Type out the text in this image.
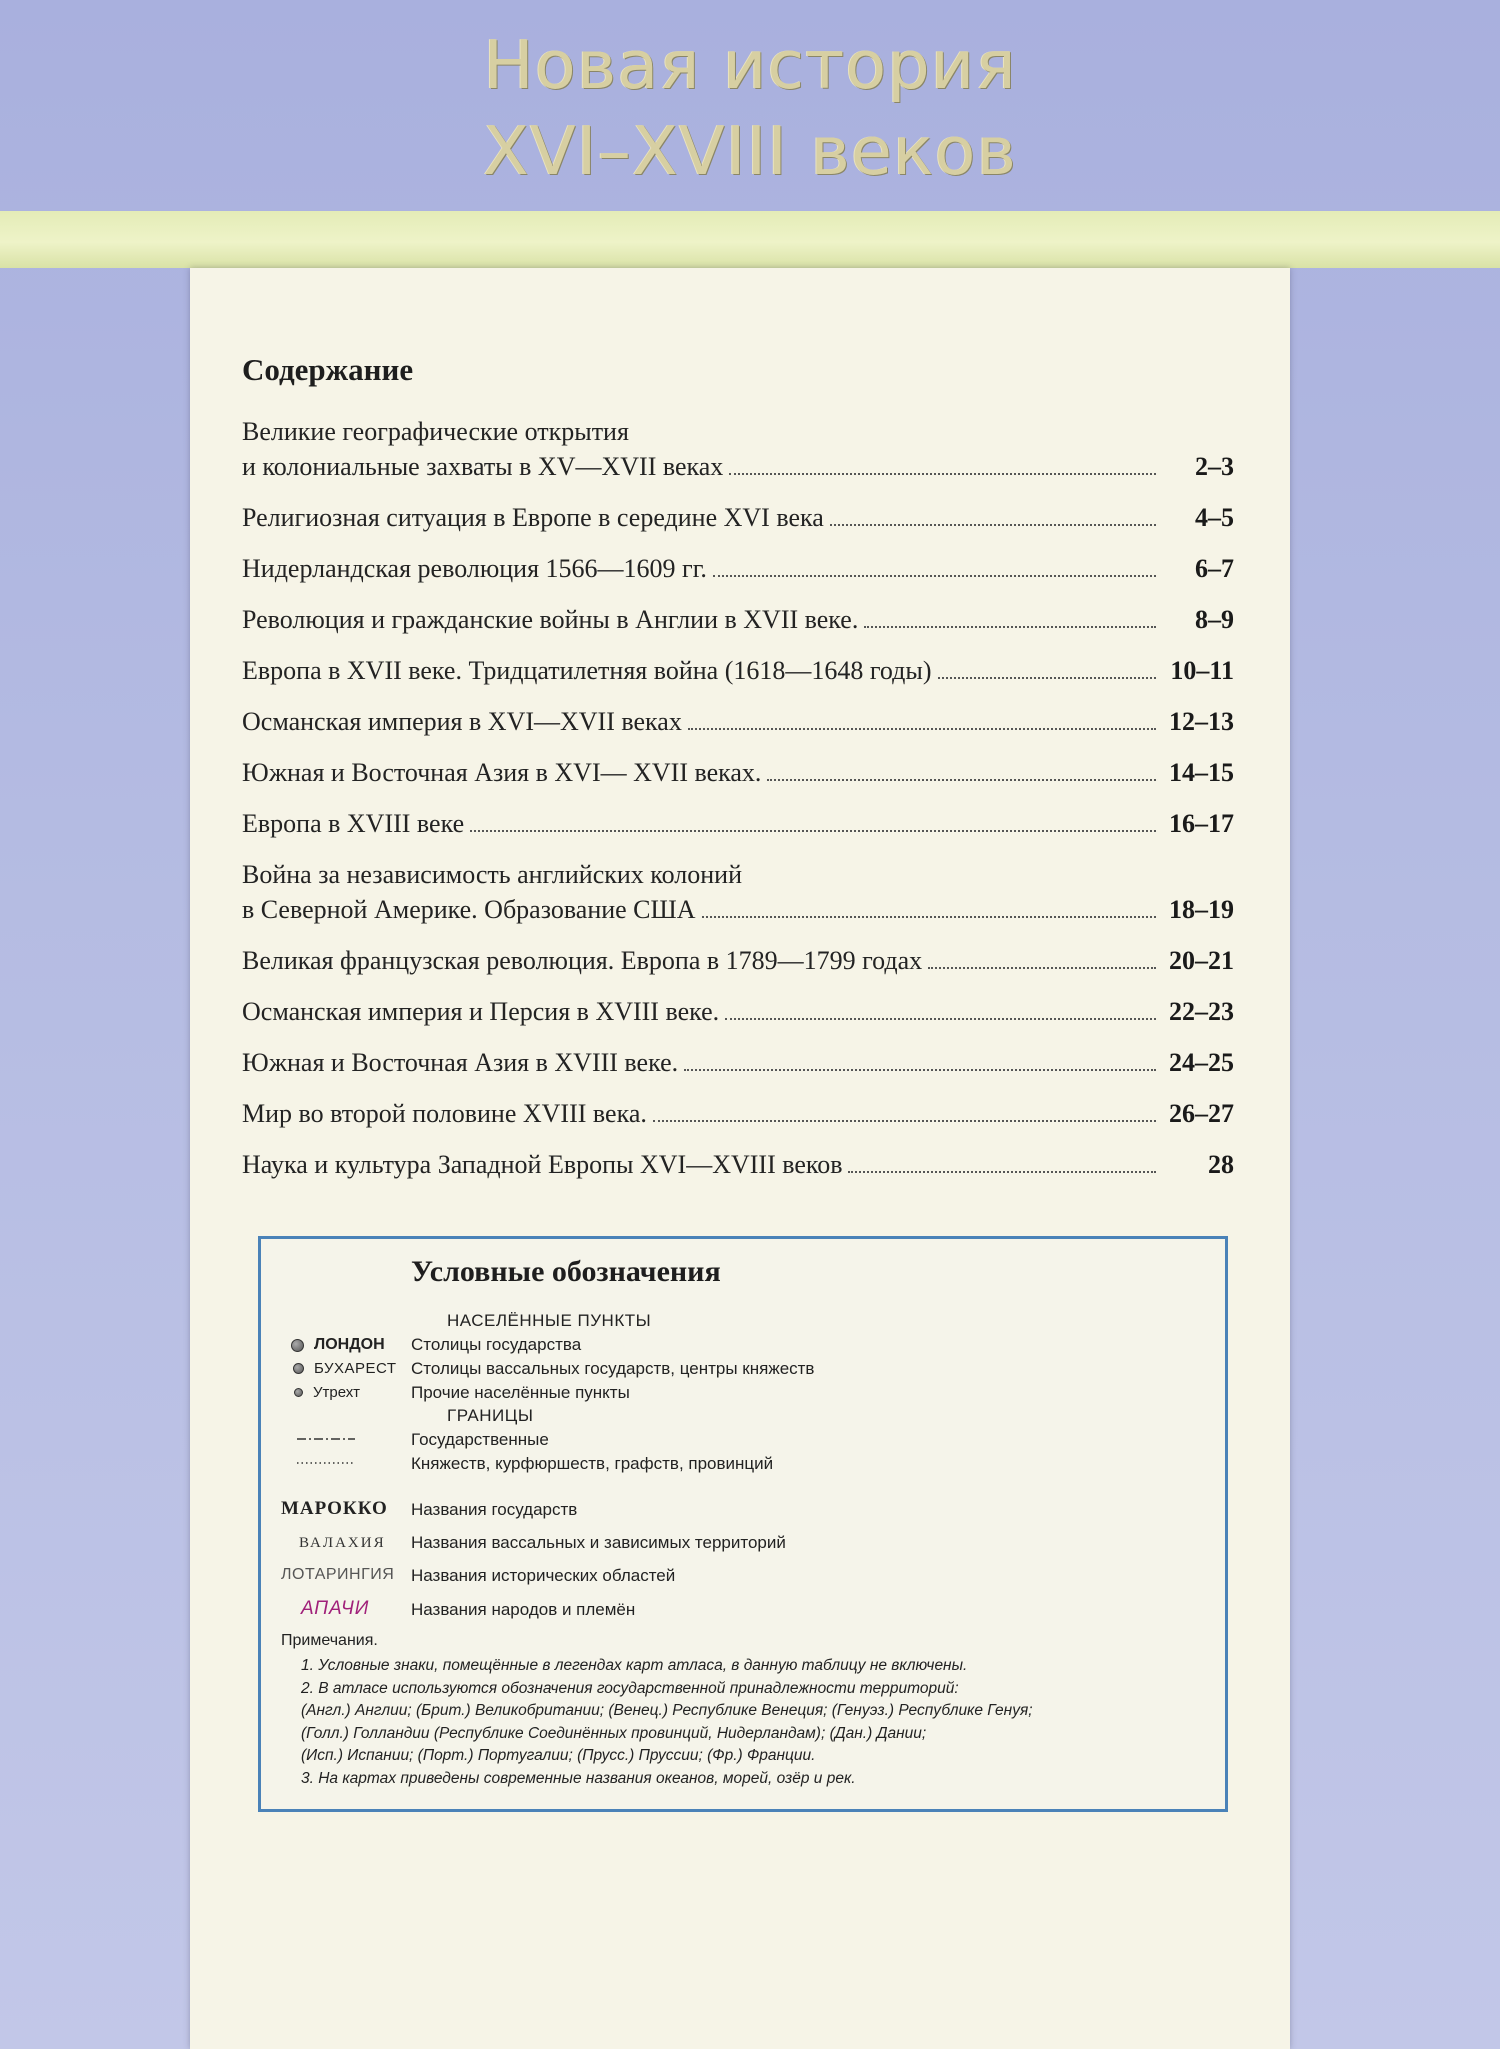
Новая история
XVI–XVIII веков
Содержание
Великие географические открытия
и колониальные захваты в XV—XVII веках	2–3
Религиозная ситуация в Европе в середине XVI века	4–5
Нидерландская революция 1566—1609 гг.	6–7
Революция и гражданские войны в Англии в XVII веке.	8–9
Европа в XVII веке. Тридцатилетняя война (1618—1648 годы)	10–11
Османская империя в XVI—XVII веках	12–13
Южная и Восточная Азия в XVI— XVII веках.	14–15
Европа в XVIII веке	16–17
Война за независимость английских колоний
в Северной Америке. Образование США	18–19
Великая французская революция. Европа в 1789—1799 годах	20–21
Османская империя и Персия в XVIII веке.	22–23
Южная и Восточная Азия в XVIII веке.	24–25
Мир во второй половине XVIII века.	26–27
Наука и культура Западной Европы XVI—XVIII веков	28
Условные обозначения
НАСЕЛЁННЫЕ ПУНКТЫ
ЛОНДОН Столицы государства
БУХАРЕСТ Столицы вассальных государств, центры княжеств
Утрехт	Прочие населённые пункты
ГРАНИЦЫ
Государственные
Княжеств, курфюршеств, графств, провинций
МАРОККО Названия государств
ВАЛАХИЯ Названия вассальных и зависимых территорий
ЛОТАРИНГИЯ Названия исторических областей
АПАЧИ Названия народов и племён
Примечания.
1. Условные знаки, помещённые в легендах карт атласа, в данную таблицу не включены.
2. В атласе используются обозначения государственной принадлежности территорий:
(Англ.) Англии; (Брит.) Великобритании; (Венец.) Республике Венеция; (Генуэз.) Республике Генуя;
(Голл.) Голландии (Республике Соединённых провинций, Нидерландам); (Дан.) Дании;
(Исп.) Испании; (Порт.) Португалии; (Прусс.) Пруссии; (Фр.) Франции.
3. На картах приведены современные названия океанов, морей, озёр и рек.
